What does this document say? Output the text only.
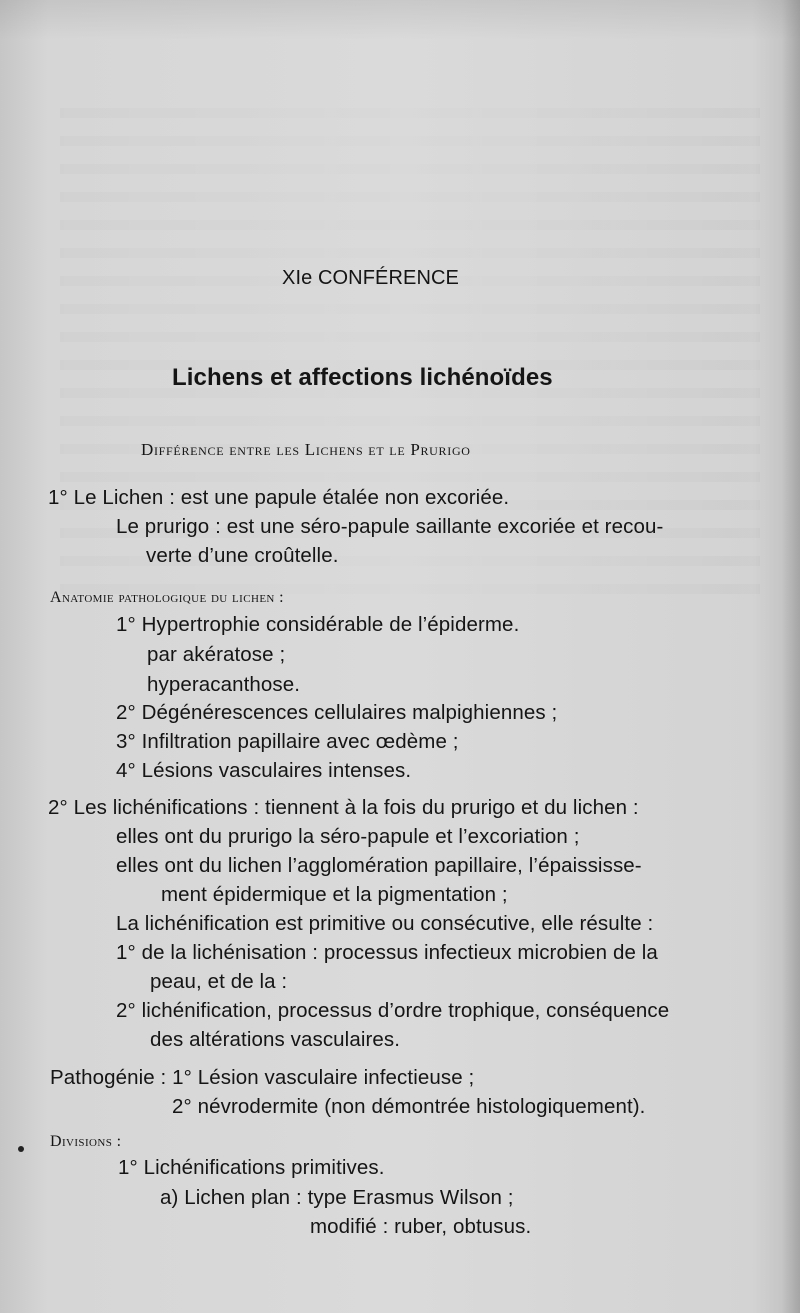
XIe CONFÉRENCE
Lichens et affections lichénoïdes
Différence entre les Lichens et le Prurigo
1° Le Lichen : est une papule étalée non excoriée.
Le prurigo : est une séro-papule saillante excoriée et recou-
verte d’une croûtelle.
Anatomie pathologique du lichen :
1° Hypertrophie considérable de l’épiderme.
par akératose ;
hyperacanthose.
2° Dégénérescences cellulaires malpighiennes ;
3° Infiltration papillaire avec œdème ;
4° Lésions vasculaires intenses.
2° Les lichénifications : tiennent à la fois du prurigo et du lichen :
elles ont du prurigo la séro-papule et l’excoriation ;
elles ont du lichen l’agglomération papillaire, l’épaississe-
ment épidermique et la pigmentation ;
La lichénification est primitive ou consécutive, elle résulte :
1° de la lichénisation : processus infectieux microbien de la
peau, et de la :
2° lichénification, processus d’ordre trophique, conséquence
des altérations vasculaires.
Pathogénie : 1° Lésion vasculaire infectieuse ;
2° névrodermite (non démontrée histologiquement).
Divisions :
1° Lichénifications primitives.
a) Lichen plan : type Erasmus Wilson ;
modifié : ruber, obtusus.
